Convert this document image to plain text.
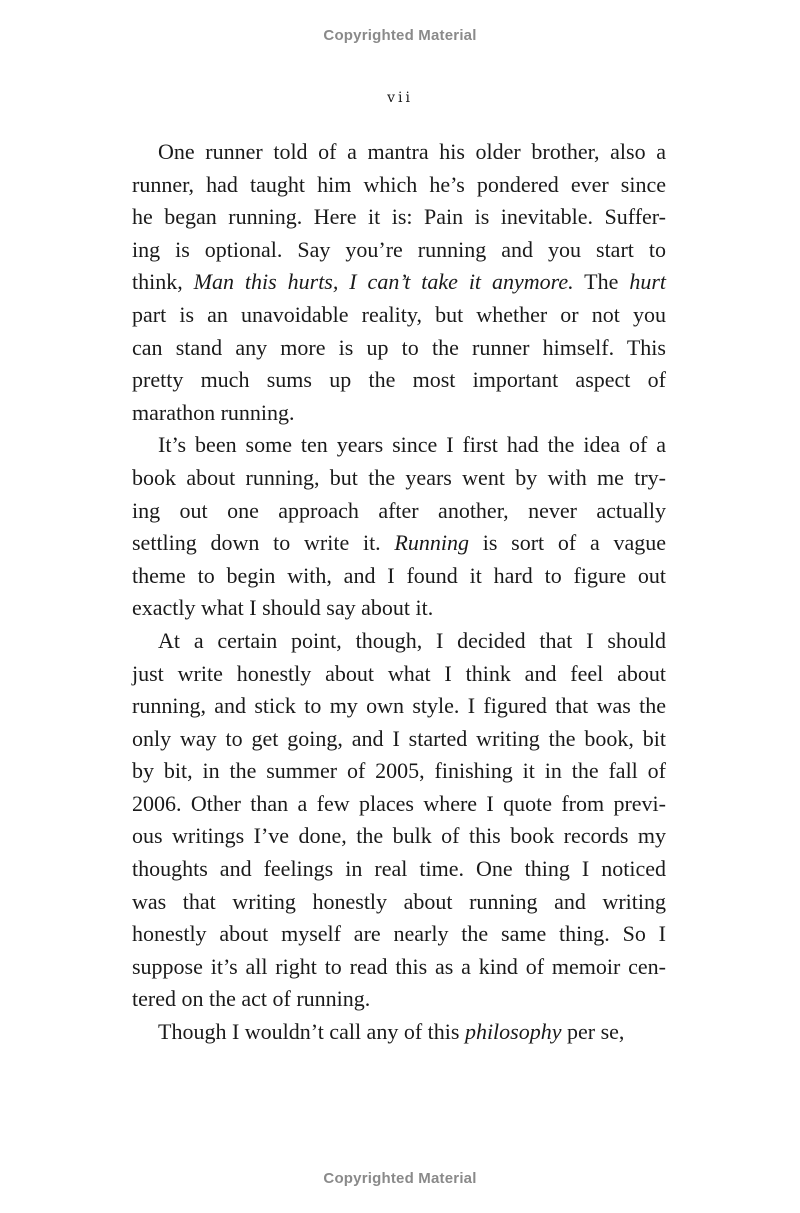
Copyrighted Material
vii
One runner told of a mantra his older brother, also a
runner, had taught him which he’s pondered ever since
he began running. Here it is: Pain is inevitable. Suffer-
ing is optional. Say you’re running and you start to
think, Man this hurts, I can’t take it anymore. The hurt
part is an unavoidable reality, but whether or not you
can stand any more is up to the runner himself. This
pretty much sums up the most important aspect of
marathon running.
It’s been some ten years since I first had the idea of a
book about running, but the years went by with me try-
ing out one approach after another, never actually
settling down to write it. Running is sort of a vague
theme to begin with, and I found it hard to figure out
exactly what I should say about it.
At a certain point, though, I decided that I should
just write honestly about what I think and feel about
running, and stick to my own style. I figured that was the
only way to get going, and I started writing the book, bit
by bit, in the summer of 2005, finishing it in the fall of
2006. Other than a few places where I quote from previ-
ous writings I’ve done, the bulk of this book records my
thoughts and feelings in real time. One thing I noticed
was that writing honestly about running and writing
honestly about myself are nearly the same thing. So I
suppose it’s all right to read this as a kind of memoir cen-
tered on the act of running.
Though I wouldn’t call any of this philosophy per se,
Copyrighted Material
